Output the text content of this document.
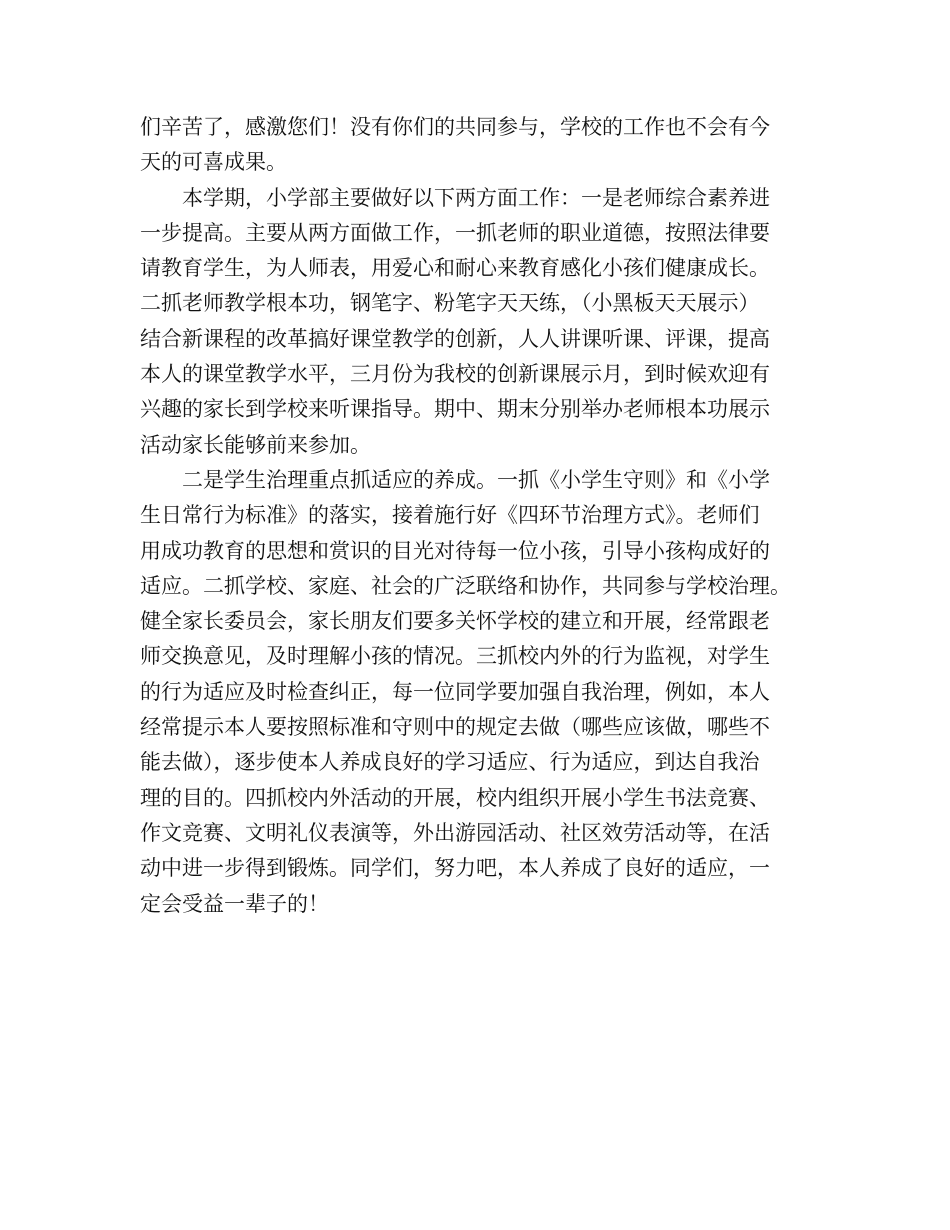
们辛苦了，感激您们！没有你们的共同参与，学校的工作也不会有今
天的可喜成果。
本学期，小学部主要做好以下两方面工作：一是老师综合素养进
一步提高。主要从两方面做工作，一抓老师的职业道德，按照法律要
请教育学生，为人师表，用爱心和耐心来教育感化小孩们健康成长。
二抓老师教学根本功，钢笔字、粉笔字天天练，（小黑板天天展示）
结合新课程的改革搞好课堂教学的创新，人人讲课听课、评课，提高
本人的课堂教学水平，三月份为我校的创新课展示月，到时候欢迎有
兴趣的家长到学校来听课指导。期中、期末分别举办老师根本功展示
活动家长能够前来参加。
二是学生治理重点抓适应的养成。一抓《小学生守则》和《小学
生日常行为标准》的落实，接着施行好《四环节治理方式》。老师们
用成功教育的思想和赏识的目光对待每一位小孩，引导小孩构成好的
适应。二抓学校、家庭、社会的广泛联络和协作，共同参与学校治理。
健全家长委员会，家长朋友们要多关怀学校的建立和开展，经常跟老
师交换意见，及时理解小孩的情况。三抓校内外的行为监视，对学生
的行为适应及时检查纠正，每一位同学要加强自我治理，例如，本人
经常提示本人要按照标准和守则中的规定去做（哪些应该做，哪些不
能去做），逐步使本人养成良好的学习适应、行为适应，到达自我治
理的目的。四抓校内外活动的开展，校内组织开展小学生书法竞赛、
作文竞赛、文明礼仪表演等，外出游园活动、社区效劳活动等，在活
动中进一步得到锻炼。同学们，努力吧，本人养成了良好的适应，一
定会受益一辈子的！
